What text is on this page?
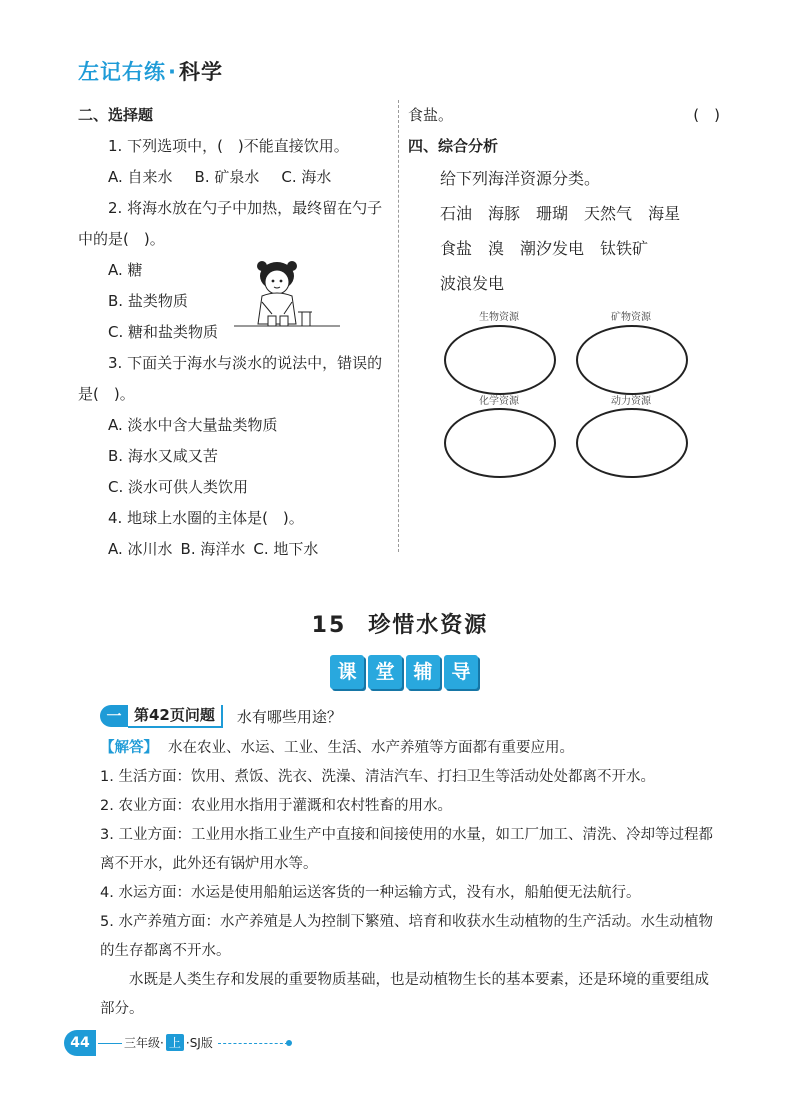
左记右练·科学
二、选择题
1. 下列选项中，(　)不能直接饮用。
A. 自来水 B. 矿泉水 C. 海水
2. 将海水放在勺子中加热，最终留在勺子中的是(　)。
A. 糖
B. 盐类物质
C. 糖和盐类物质
3. 下面关于海水与淡水的说法中，错误的是(　)。
A. 淡水中含大量盐类物质
B. 海水又咸又苦
C. 淡水可供人类饮用
4. 地球上水圈的主体是(　)。
A. 冰川水 B. 海洋水 C. 地下水
食盐。	(　)
四、综合分析
给下列海洋资源分类。
石油 海豚 珊瑚 天然气 海星
食盐 溴 潮汐发电 钛铁矿
波浪发电
生物资源	矿物资源
化学资源	动力资源
15 珍惜水资源
课 堂 辅 导
一 第42页问题	水有哪些用途？

【解答】 水在农业、水运、工业、生活、水产养殖等方面都有重要应用。

1. 生活方面：饮用、煮饭、洗衣、洗澡、清洁汽车、打扫卫生等活动处处都离不开水。

2. 农业方面：农业用水指用于灌溉和农村牲畜的用水。

3. 工业方面：工业用水指工业生产中直接和间接使用的水量，如工厂加工、清洗、冷却等过程都离不开水，此外还有锅炉用水等。

4. 水运方面：水运是使用船舶运送客货的一种运输方式，没有水，船舶便无法航行。

5. 水产养殖方面：水产养殖是人为控制下繁殖、培育和收获水生动植物的生产活动。水生动植物的生存都离不开水。

水既是人类生存和发展的重要物质基础，也是动植物生长的基本要素，还是环境的重要组成部分。

44	三年级· 上 ·SJ版
